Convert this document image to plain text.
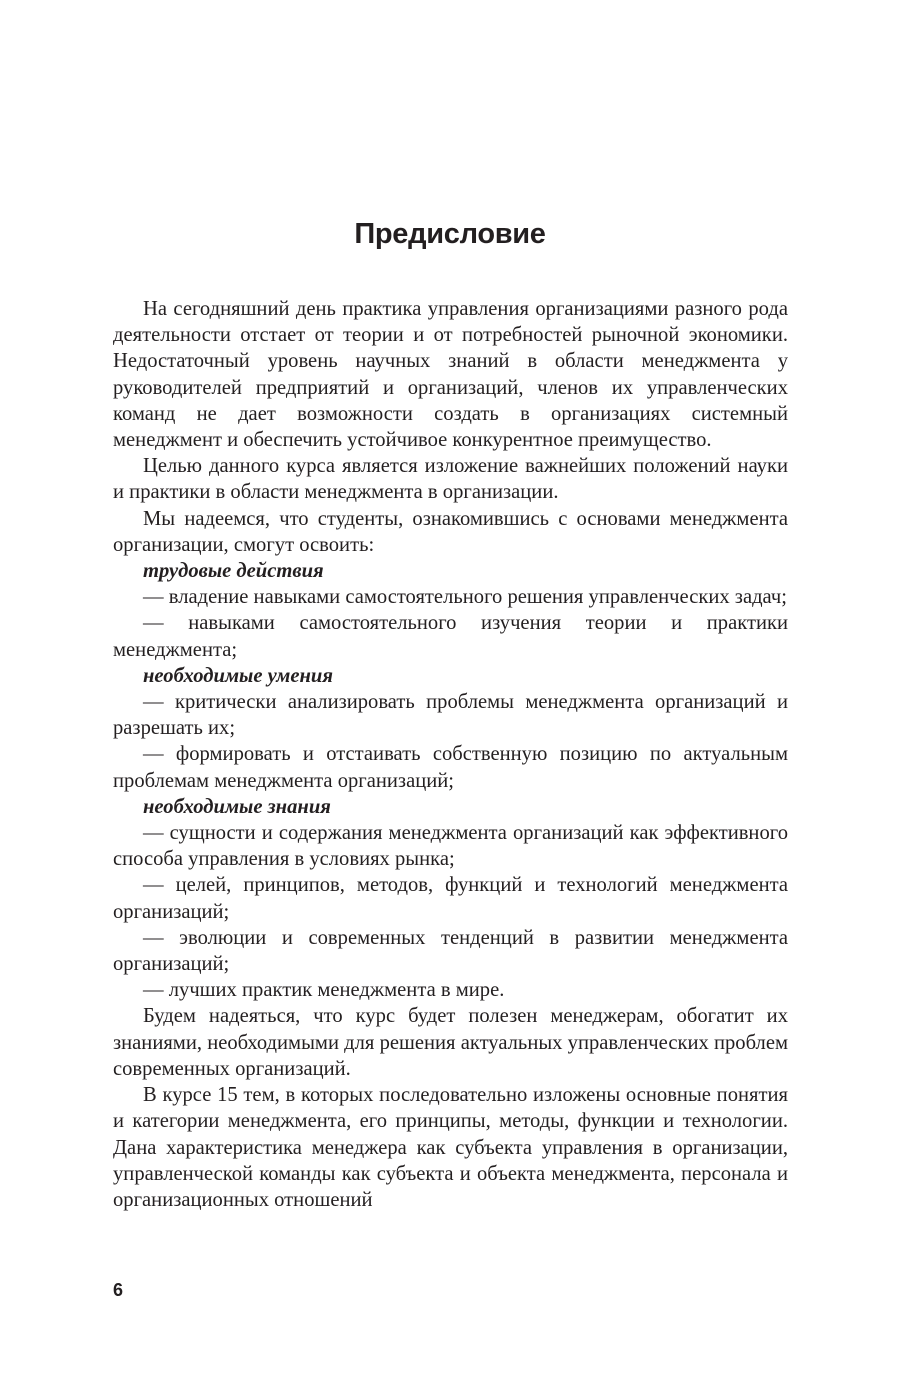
Предисловие

На сегодняшний день практика управления организациями разного рода деятельности отстает от теории и от потребностей рыночной экономики. Недостаточный уровень научных знаний в области менеджмента у руководителей предприятий и организаций, членов их управленческих команд не дает возможности создать в организациях системный менеджмент и обеспечить устойчивое конкурентное преимущество.

Целью данного курса является изложение важнейших положений науки и практики в области менеджмента в организации.

Мы надеемся, что студенты, ознакомившись с основами менеджмента организации, смогут освоить:

трудовые действия

— владение навыками самостоятельного решения управленческих задач;

— навыками самостоятельного изучения теории и практики менеджмента;

необходимые умения

— критически анализировать проблемы менеджмента организаций и разрешать их;

— формировать и отстаивать собственную позицию по актуальным проблемам менеджмента организаций;

необходимые знания

— сущности и содержания менеджмента организаций как эффективного способа управления в условиях рынка;

— целей, принципов, методов, функций и технологий менеджмента организаций;

— эволюции и современных тенденций в развитии менеджмента организаций;

— лучших практик менеджмента в мире.

Будем надеяться, что курс будет полезен менеджерам, обогатит их знаниями, необходимыми для решения актуальных управленческих проблем современных организаций.

В курсе 15 тем, в которых последовательно изложены основные понятия и категории менеджмента, его принципы, методы, функции и технологии. Дана характеристика менеджера как субъекта управления в организации, управленческой команды как субъекта и объекта менеджмента, персонала и организационных отношений

6
